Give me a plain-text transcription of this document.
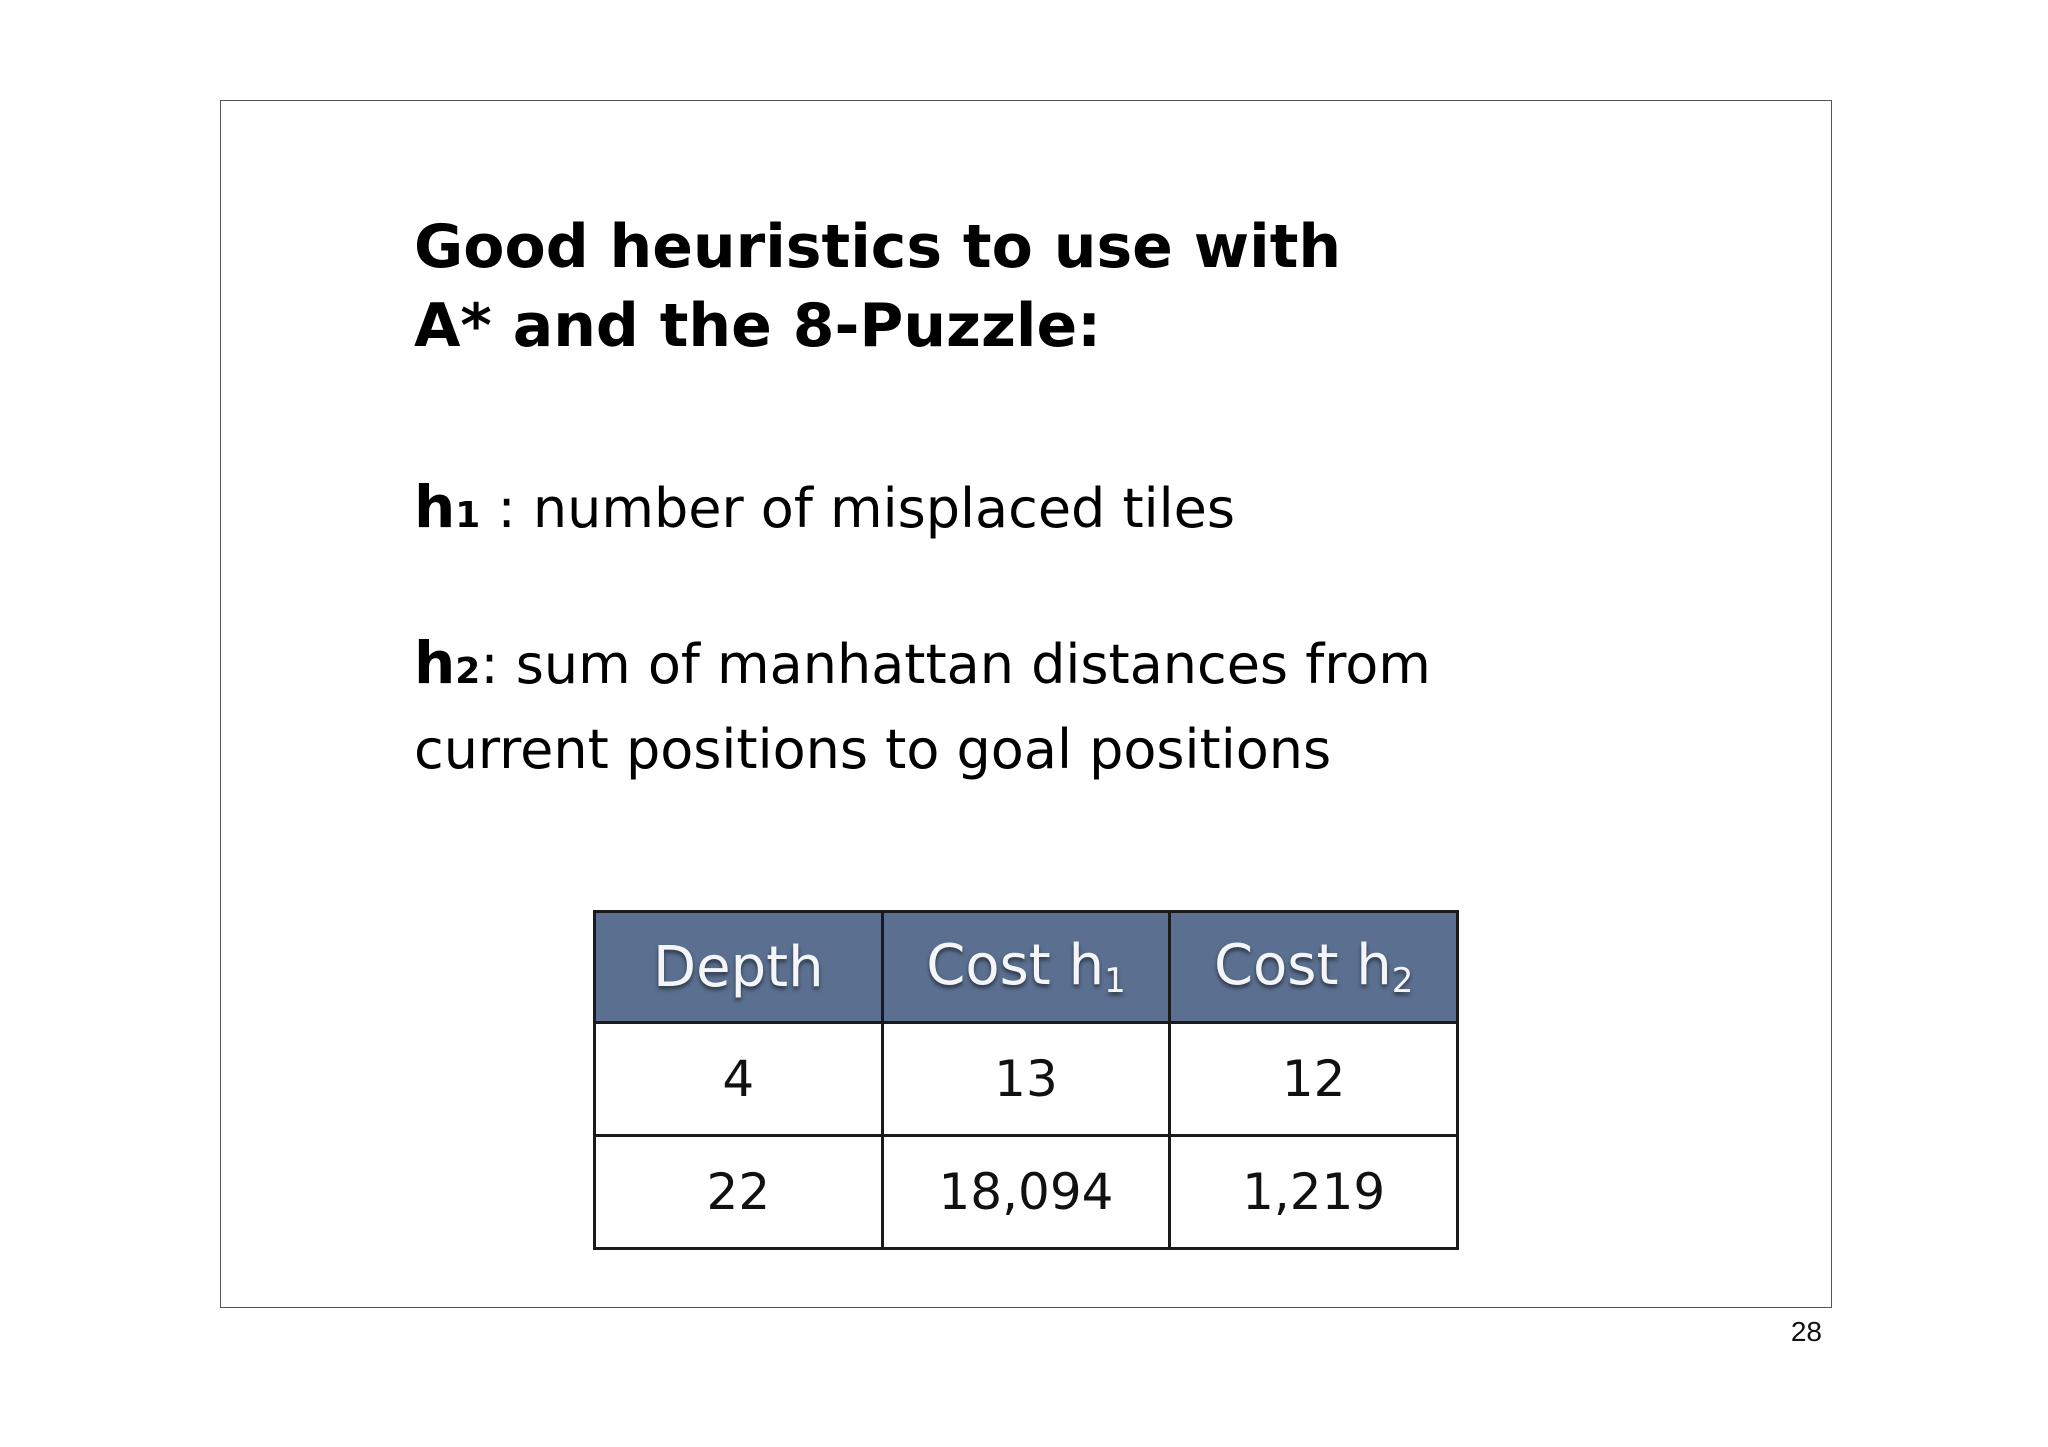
Good heuristics to use with
A* and the 8-Puzzle:

h1 : number of misplaced tiles

h2: sum of manhattan distances from
current positions to goal positions

Depth	Cost $h_1$	Cost $h_2$
4	13	12
22	18,094	1,219
28
